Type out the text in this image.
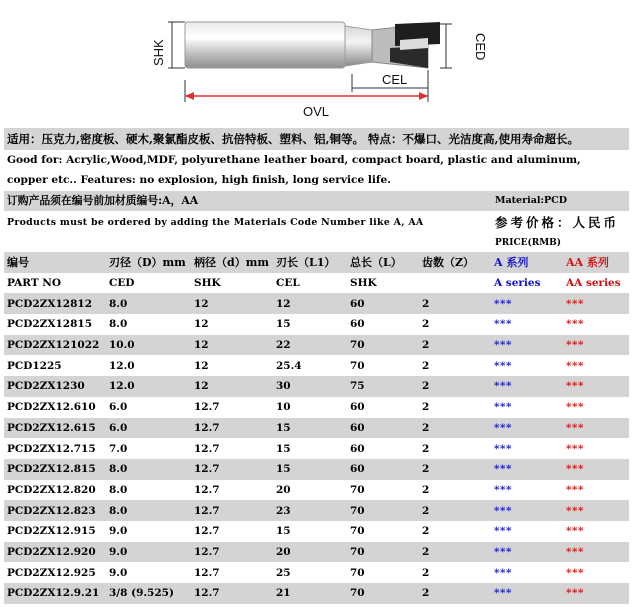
SHK	CED
CEL
OVL
适用：压克力,密度板、硬木,聚氯酯皮板、抗倍特板、塑料、铝,铜等。 特点：不爆口、光洁度高,使用寿命超长。
Good for: Acrylic,Wood,MDF, polyurethane leather board, compact board, plastic and aluminum,
copper etc.. Features: no explosion, high finish, long service life.
订购产品须在编号前加材质编号:A，AA	Material:PCD
Products must be ordered by adding the Materials Code Number like A, AA	参考价格：人民币
PRICE(RMB)
编号	刃径（D）mm	柄径（d）mm	刃长（L1）	总长（L）	齿数（Z）	A 系列	AA 系列
PART NO	CED	SHK	CEL	SHK		A series	AA series
PCD2ZX12812	8.0	12	12	60	2	***	***
PCD2ZX12815	8.0	12	15	60	2	***	***
PCD2ZX121022	10.0	12	22	70	2	***	***
PCD1225	12.0	12	25.4	70	2	***	***
PCD2ZX1230	12.0	12	30	75	2	***	***
PCD2ZX12.610	6.0	12.7	10	60	2	***	***
PCD2ZX12.615	6.0	12.7	15	60	2	***	***
PCD2ZX12.715	7.0	12.7	15	60	2	***	***
PCD2ZX12.815	8.0	12.7	15	60	2	***	***
PCD2ZX12.820	8.0	12.7	20	70	2	***	***
PCD2ZX12.823	8.0	12.7	23	70	2	***	***
PCD2ZX12.915	9.0	12.7	15	70	2	***	***
PCD2ZX12.920	9.0	12.7	20	70	2	***	***
PCD2ZX12.925	9.0	12.7	25	70	2	***	***
PCD2ZX12.9.21	3/8 (9.525)	12.7	21	70	2	***	***
